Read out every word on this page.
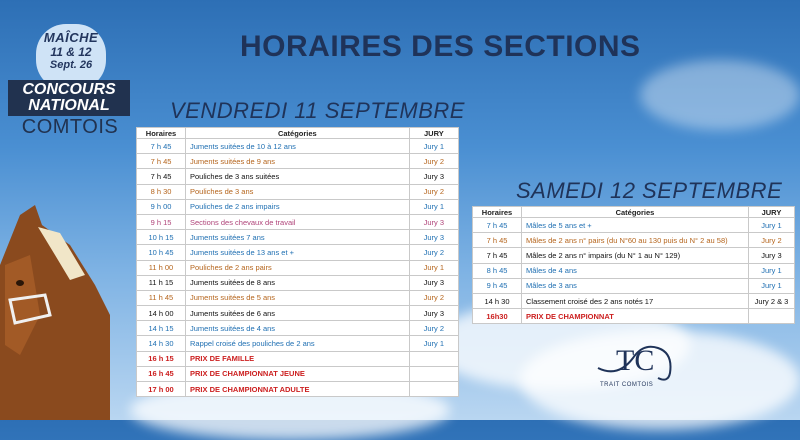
MAÎCHE
11 & 12
Sept. 26
CONCOURS
NATIONAL
COMTOIS
HORAIRES DES SECTIONS
VENDREDI 11 SEPTEMBRE
Horaires	Catégories	JURY
7 h 45	Juments suitées de 10 à 12 ans	Jury 1
7 h 45	Juments suitées de 9 ans	Jury 2
7 h 45	Pouliches de 3 ans suitées	Jury 3
8 h 30	Pouliches de 3 ans	Jury 2
9 h 00	Pouliches de 2 ans impairs	Jury 1
9 h 15	Sections des chevaux de travail	Jury 3
10 h 15	Juments suitées 7 ans	Jury 3
10 h 45	Juments suitées de 13 ans et +	Jury 2
11 h 00	Pouliches de 2 ans pairs	Jury 1
11 h 15	Juments suitées de 8 ans	Jury 3
11 h 45	Juments suitées de 5 ans	Jury 2
14 h 00	Juments suitées de 6 ans	Jury 3
14 h 15	Juments suitées de 4 ans	Jury 2
14 h 30	Rappel croisé des pouliches de 2 ans	Jury 1
16 h 15	PRIX DE FAMILLE	
16 h 45	PRIX DE CHAMPIONNAT JEUNE	
17 h 00	PRIX DE CHAMPIONNAT ADULTE	
SAMEDI 12 SEPTEMBRE
Horaires	Catégories	JURY
7 h 45	Mâles de 5 ans et +	Jury 1
7 h 45	Mâles de 2 ans n° pairs (du N°60 au 130 puis du N° 2 au 58)	Jury 2
7 h 45	Mâles de 2 ans n° impairs (du N° 1 au N° 129)	Jury 3
8 h 45	Mâles de 4 ans	Jury 1
9 h 45	Mâles de 3 ans	Jury 1
14 h 30	Classement croisé des 2 ans notés 17	Jury 2 & 3
16h30	PRIX DE CHAMPIONNAT	
TC
TRAIT COMTOIS
